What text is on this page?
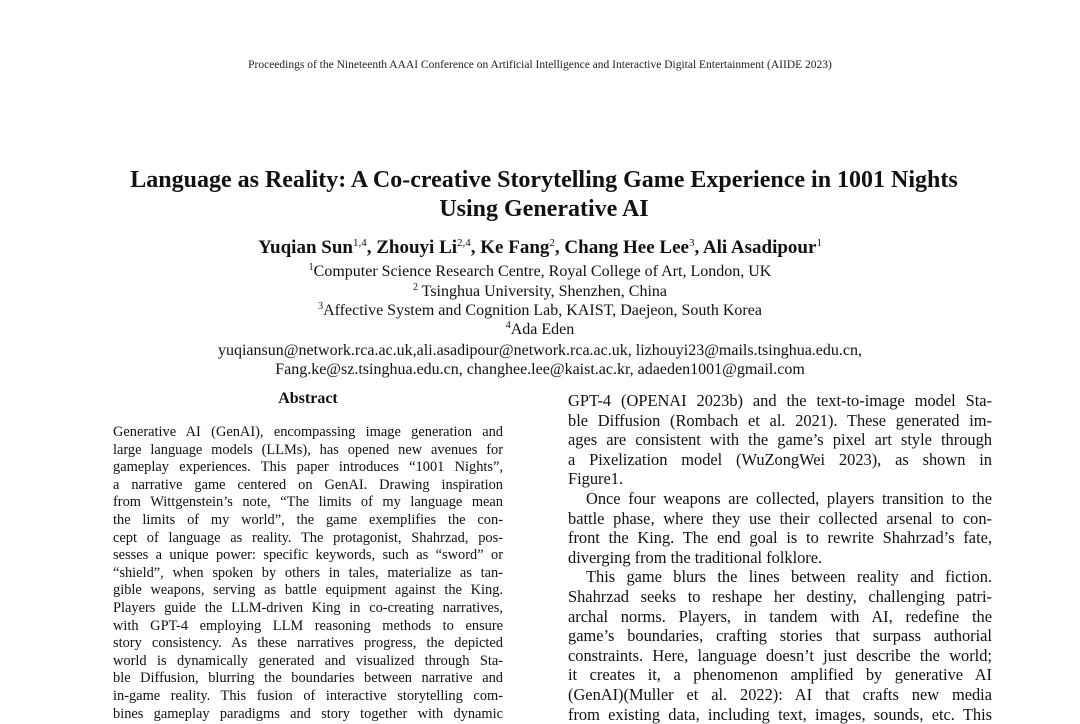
Proceedings of the Nineteenth AAAI Conference on Artificial Intelligence and Interactive Digital Entertainment (AIIDE 2023)
Language as Reality: A Co-creative Storytelling Game Experience in 1001 Nights
Using Generative AI
Yuqian Sun$^{1,4}$, Zhouyi Li$^{2,4}$, Ke Fang$^2$, Chang Hee Lee$^3$, Ali Asadipour$^1$
$^1$Computer Science Research Centre, Royal College of Art, London, UK
$^2$ Tsinghua University, Shenzhen, China
$^3$Affective System and Cognition Lab, KAIST, Daejeon, South Korea
$^4$Ada Eden
yuqiansun@network.rca.ac.uk,ali.asadipour@network.rca.ac.uk, lizhouyi23@mails.tsinghua.edu.cn,
Fang.ke@sz.tsinghua.edu.cn, changhee.lee@kaist.ac.kr, adaeden1001@gmail.com
Abstract
Generative AI (GenAI), encompassing image generation and
large language models (LLMs), has opened new avenues for
gameplay experiences. This paper introduces “1001 Nights”,
a narrative game centered on GenAI. Drawing inspiration
from Wittgenstein’s note, “The limits of my language mean
the limits of my world”, the game exemplifies the con-
cept of language as reality. The protagonist, Shahrzad, pos-
sesses a unique power: specific keywords, such as “sword” or
“shield”, when spoken by others in tales, materialize as tan-
gible weapons, serving as battle equipment against the King.
Players guide the LLM-driven King in co-creating narratives,
with GPT-4 employing LLM reasoning methods to ensure
story consistency. As these narratives progress, the depicted
world is dynamically generated and visualized through Sta-
ble Diffusion, blurring the boundaries between narrative and
in-game reality. This fusion of interactive storytelling com-
bines gameplay paradigms and story together with dynamic
GPT-4 (OPENAI 2023b) and the text-to-image model Sta-
ble Diffusion (Rombach et al. 2021). These generated im-
ages are consistent with the game’s pixel art style through
a Pixelization model (WuZongWei 2023), as shown in
Figure1.
Once four weapons are collected, players transition to the
battle phase, where they use their collected arsenal to con-
front the King. The end goal is to rewrite Shahrzad’s fate,
diverging from the traditional folklore.
This game blurs the lines between reality and fiction.
Shahrzad seeks to reshape her destiny, challenging patri-
archal norms. Players, in tandem with AI, redefine the
game’s boundaries, crafting stories that surpass authorial
constraints. Here, language doesn’t just describe the world;
it creates it, a phenomenon amplified by generative AI
(GenAI)(Muller et al. 2022): AI that crafts new media
from existing data, including text, images, sounds, etc. This
